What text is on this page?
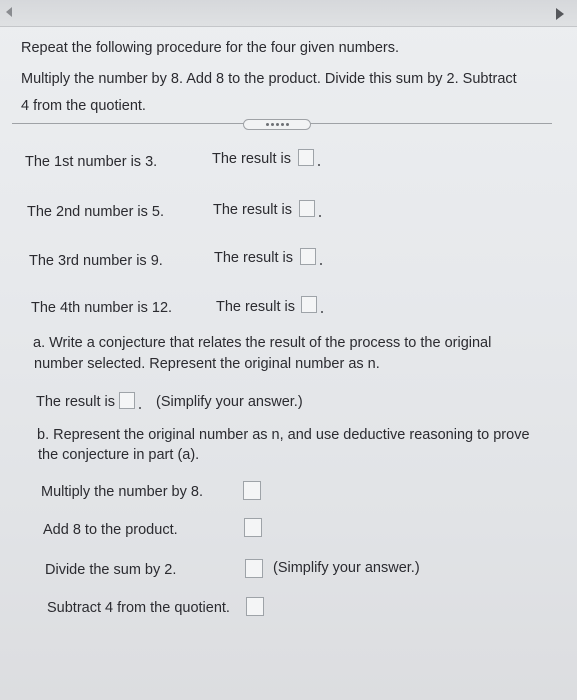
Repeat the following procedure for the four given numbers.
Multiply the number by 8. Add 8 to the product. Divide this sum by 2. Subtract
4 from the quotient.
The 1st number is 3.	The result is
The 2nd number is 5.	The result is
The 3rd number is 9.	The result is
The 4th number is 12.	The result is
a. Write a conjecture that relates the result of the process to the original
number selected. Represent the original number as n.
The result is	(Simplify your answer.)
b. Represent the original number as n, and use deductive reasoning to prove
the conjecture in part (a).
Multiply the number by 8.
Add 8 to the product.
Divide the sum by 2.	(Simplify your answer.)
Subtract 4 from the quotient.
